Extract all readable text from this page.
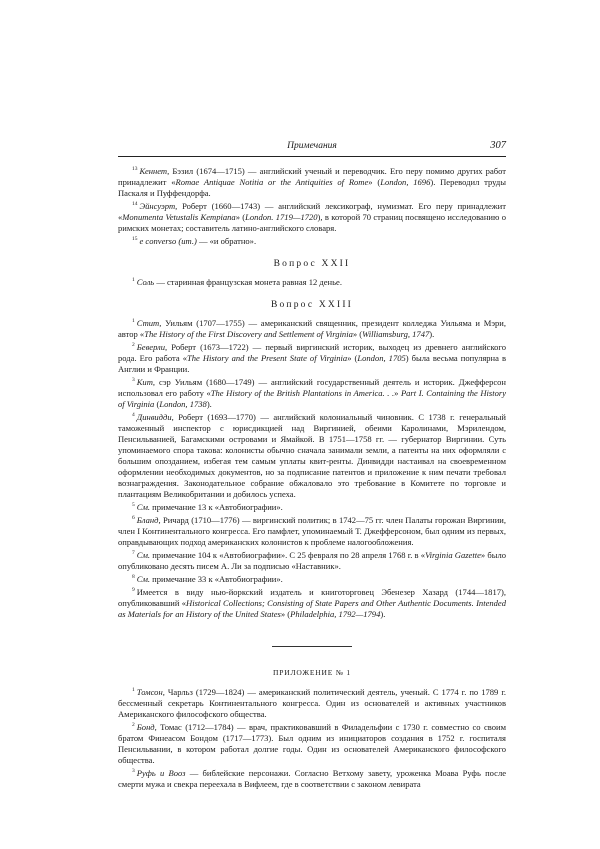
Примечания	307

$^{13}$ Кеннет, Бэзил (1674—1715) — английский ученый и переводчик. Его перу помимо других работ принадлежит «Romae Antiquae Notitia or the Antiquities of Rome» (London, 1696). Переводил труды Паскаля и Пуффендорфа.

$^{14}$ Эйнсуэрт, Роберт (1660—1743) — английский лексикограф, нумизмат. Его перу принадлежит «Monumenta Vetustalis Kempiana» (London. 1719—1720), в которой 70 страниц посвящено исследованию о римских монетах; составитель латино-английского словаря.

$^{15}$ e converso (ит.) — «и обратно».

Вопрос XXII

$^1$ Соль — старинная французская монета равная 12 денье.

Вопрос XXIII

$^1$ Стит, Уильям (1707—1755) — американский священник, президент колледжа Уильяма и Мэри, автор «The History of the First Discovery and Settlement of Virginia» (Williamsburg, 1747).

$^2$ Беверли, Роберт (1673—1722) — первый виргинский историк, выходец из древнего английского рода. Его работа «The History and the Present State of Virginia» (London, 1705) была весьма популярна в Англии и Франции.

$^3$ Кит, сэр Уильям (1680—1749) — английский государственный деятель и историк. Джефферсон использовал его работу «The History of the British Plantations in America. . .» Part I. Containing the History of Virginia (London, 1738).

$^4$ Динвидди, Роберт (1693—1770) — английский колониальный чиновник. С 1738 г. генеральный таможенный инспектор с юрисдикцией над Виргинией, обеими Каролинами, Мэрилендом, Пенсильванией, Багамскими островами и Ямайкой. В 1751—1758 гг. — губернатор Виргинии. Суть упоминаемого спора такова: колонисты обычно сначала занимали земли, а патенты на них оформляли с большим опозданием, избегая тем самым уплаты квит-ренты. Динвидди настаивал на своевременном оформлении необходимых документов, но за подписание патентов и приложение к ним печати требовал вознаграждения. Законодательное собрание обжаловало это требование в Комитете по торговле и плантациям Великобритании и добилось успеха.

$^5$ См. примечание 13 к «Автобиографии».

$^6$ Бланд, Ричард (1710—1776) — виргинский политик; в 1742—75 гг. член Палаты горожан Виргинии, член I Континентального конгресса. Его памфлет, упоминаемый Т. Джефферсоном, был одним из первых, оправдывающих подход американских колонистов к проблеме налогообложения.

$^7$ См. примечание 104 к «Автобиографии». С 25 февраля по 28 апреля 1768 г. в «Virginia Gazette» было опубликовано десять писем А. Ли за подписью «Наставник».

$^8$ См. примечание 33 к «Автобиографии».

$^9$ Имеется в виду нью-йоркский издатель и книготорговец Эбенезер Хазард (1744—1817), опубликовавший «Historical Collections; Consisting of State Papers and Other Authentic Documents. Intended as Materials for an History of the United States» (Philadelphia, 1792—1794).

ПРИЛОЖЕНИЕ № 1

$^1$ Томсон, Чарльз (1729—1824) — американский политический деятель, ученый. С 1774 г. по 1789 г. бессменный секретарь Континентального конгресса. Один из основателей и активных участников Американского философского общества.

$^2$ Бонд, Томас (1712—1784) — врач, практиковавший в Филадельфии с 1730 г. совместно со своим братом Финеасом Бондом (1717—1773). Был одним из инициаторов создания в 1752 г. госпиталя Пенсильвании, в котором работал долгие годы. Один из основателей Американского философского общества.

$^3$ Руфь и Вооз — библейские персонажи. Согласно Ветхому завету, уроженка Моава Руфь после смерти мужа и свекра переехала в Вифлеем, где в соответствии с законом левирата
